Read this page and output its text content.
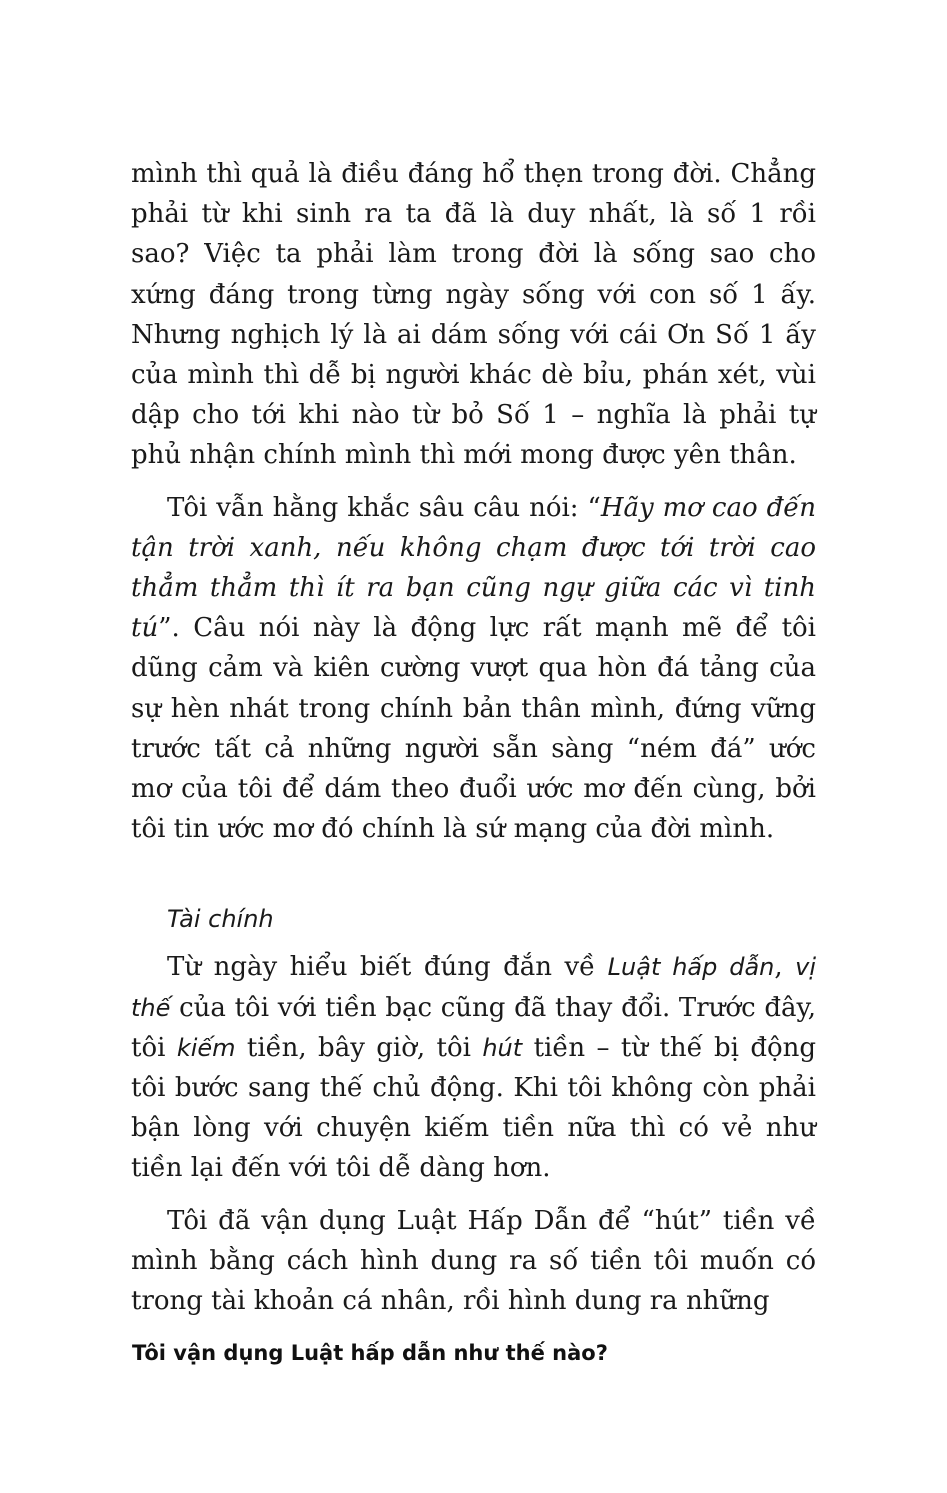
mình thì quả là điều đáng hổ thẹn trong đời. Chẳng phải từ khi sinh ra ta đã là duy nhất, là số 1 rồi sao? Việc ta phải làm trong đời là sống sao cho xứng đáng trong từng ngày sống với con số 1 ấy. Nhưng nghịch lý là ai dám sống với cái Ơn Số 1 ấy của mình thì dễ bị người khác dè bỉu, phán xét, vùi dập cho tới khi nào từ bỏ Số 1 – nghĩa là phải tự phủ nhận chính mình thì mới mong được yên thân.

Tôi vẫn hằng khắc sâu câu nói: “Hãy mơ cao đến tận trời xanh, nếu không chạm được tới trời cao thẳm thẳm thì ít ra bạn cũng ngự giữa các vì tinh tú”. Câu nói này là động lực rất mạnh mẽ để tôi dũng cảm và kiên cường vượt qua hòn đá tảng của sự hèn nhát trong chính bản thân mình, đứng vững trước tất cả những người sẵn sàng “ném đá” ước mơ của tôi để dám theo đuổi ước mơ đến cùng, bởi tôi tin ước mơ đó chính là sứ mạng của đời mình.

Tài chính

Từ ngày hiểu biết đúng đắn về Luật hấp dẫn, vị thế của tôi với tiền bạc cũng đã thay đổi. Trước đây, tôi kiếm tiền, bây giờ, tôi hút tiền – từ thế bị động tôi bước sang thế chủ động. Khi tôi không còn phải bận lòng với chuyện kiếm tiền nữa thì có vẻ như tiền lại đến với tôi dễ dàng hơn.

Tôi đã vận dụng Luật Hấp Dẫn để “hút” tiền về mình bằng cách hình dung ra số tiền tôi muốn có trong tài khoản cá nhân, rồi hình dung ra những

Tôi vận dụng Luật hấp dẫn như thế nào?
